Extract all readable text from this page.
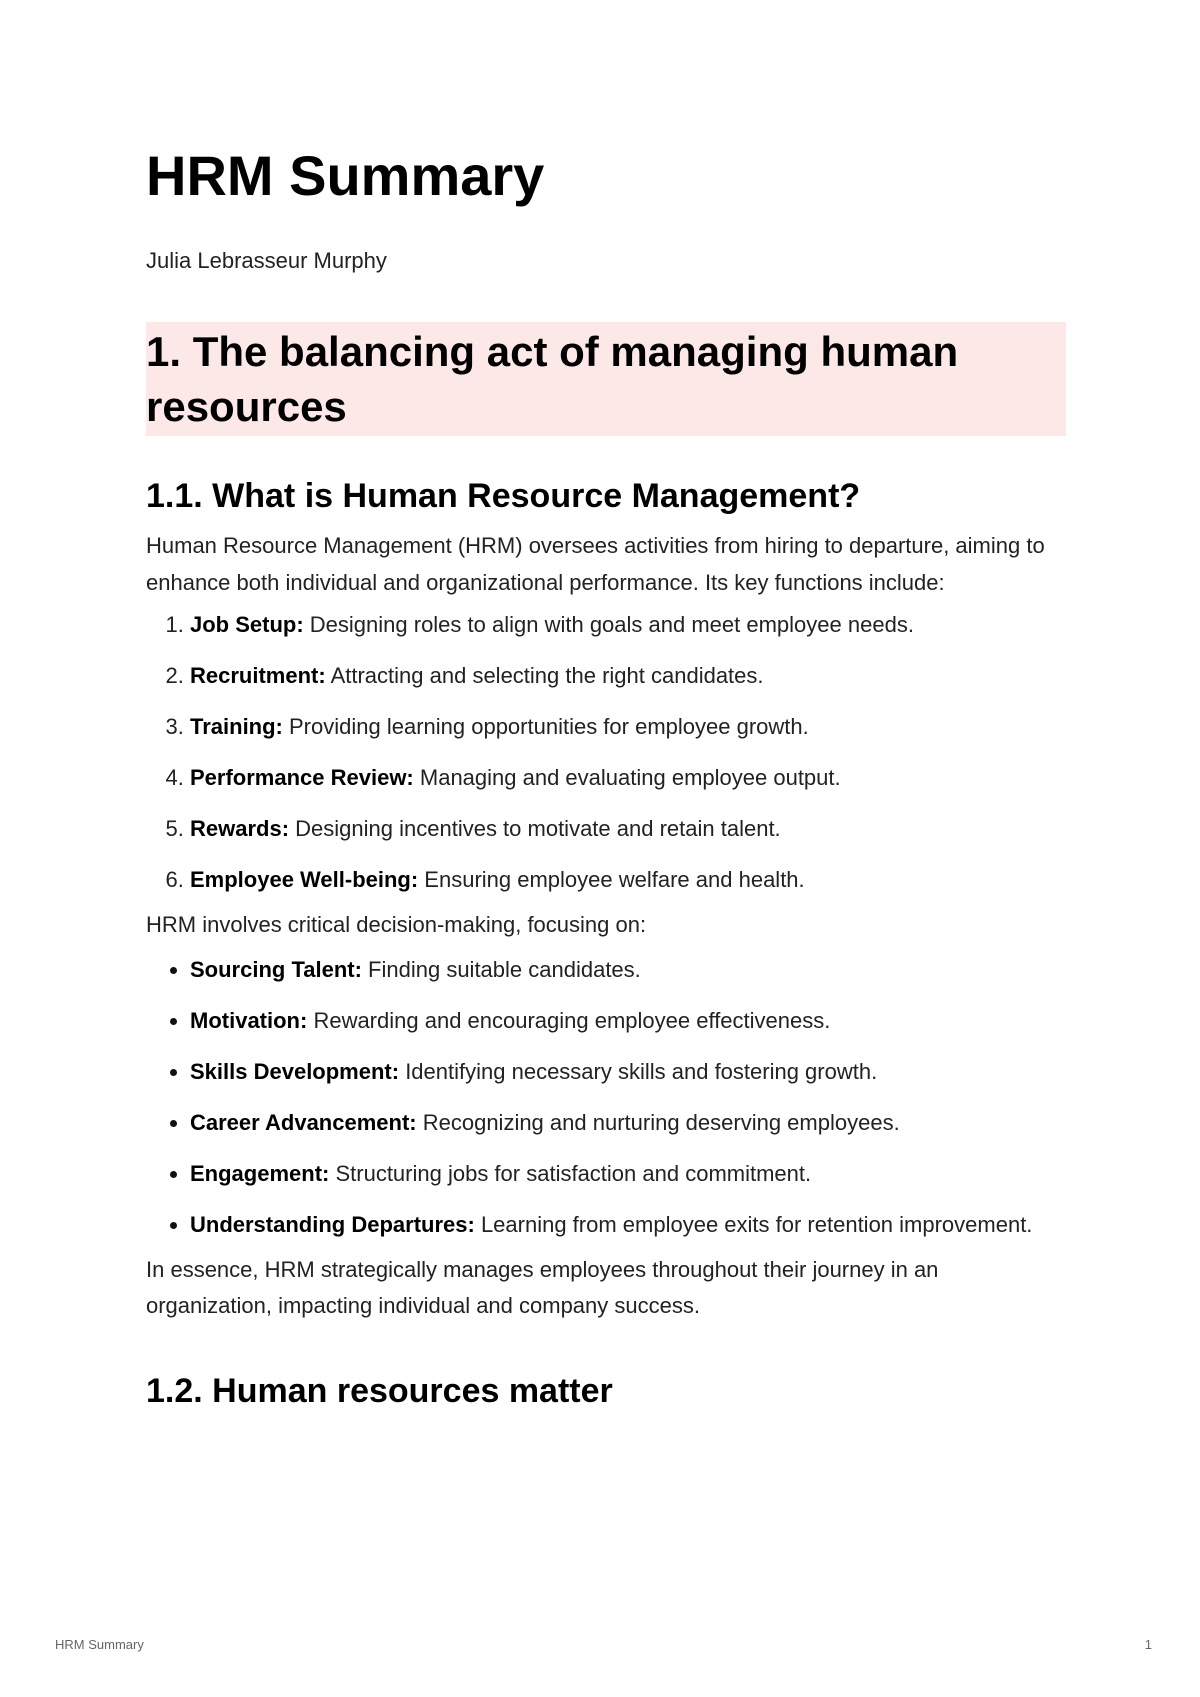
HRM Summary
Julia Lebrasseur Murphy
1. The balancing act of managing human resources
1.1. What is Human Resource Management?

Human Resource Management (HRM) oversees activities from hiring to departure, aiming to enhance both individual and organizational performance. Its key functions include:

1. Job Setup: Designing roles to align with goals and meet employee needs.
2. Recruitment: Attracting and selecting the right candidates.
3. Training: Providing learning opportunities for employee growth.
4. Performance Review: Managing and evaluating employee output.
5. Rewards: Designing incentives to motivate and retain talent.
6. Employee Well-being: Ensuring employee welfare and health.

HRM involves critical decision-making, focusing on:

• Sourcing Talent: Finding suitable candidates.
• Motivation: Rewarding and encouraging employee effectiveness.
• Skills Development: Identifying necessary skills and fostering growth.
• Career Advancement: Recognizing and nurturing deserving employees.
• Engagement: Structuring jobs for satisfaction and commitment.
• Understanding Departures: Learning from employee exits for retention improvement.

In essence, HRM strategically manages employees throughout their journey in an organization, impacting individual and company success.

1.2. Human resources matter
HRM Summary	1
